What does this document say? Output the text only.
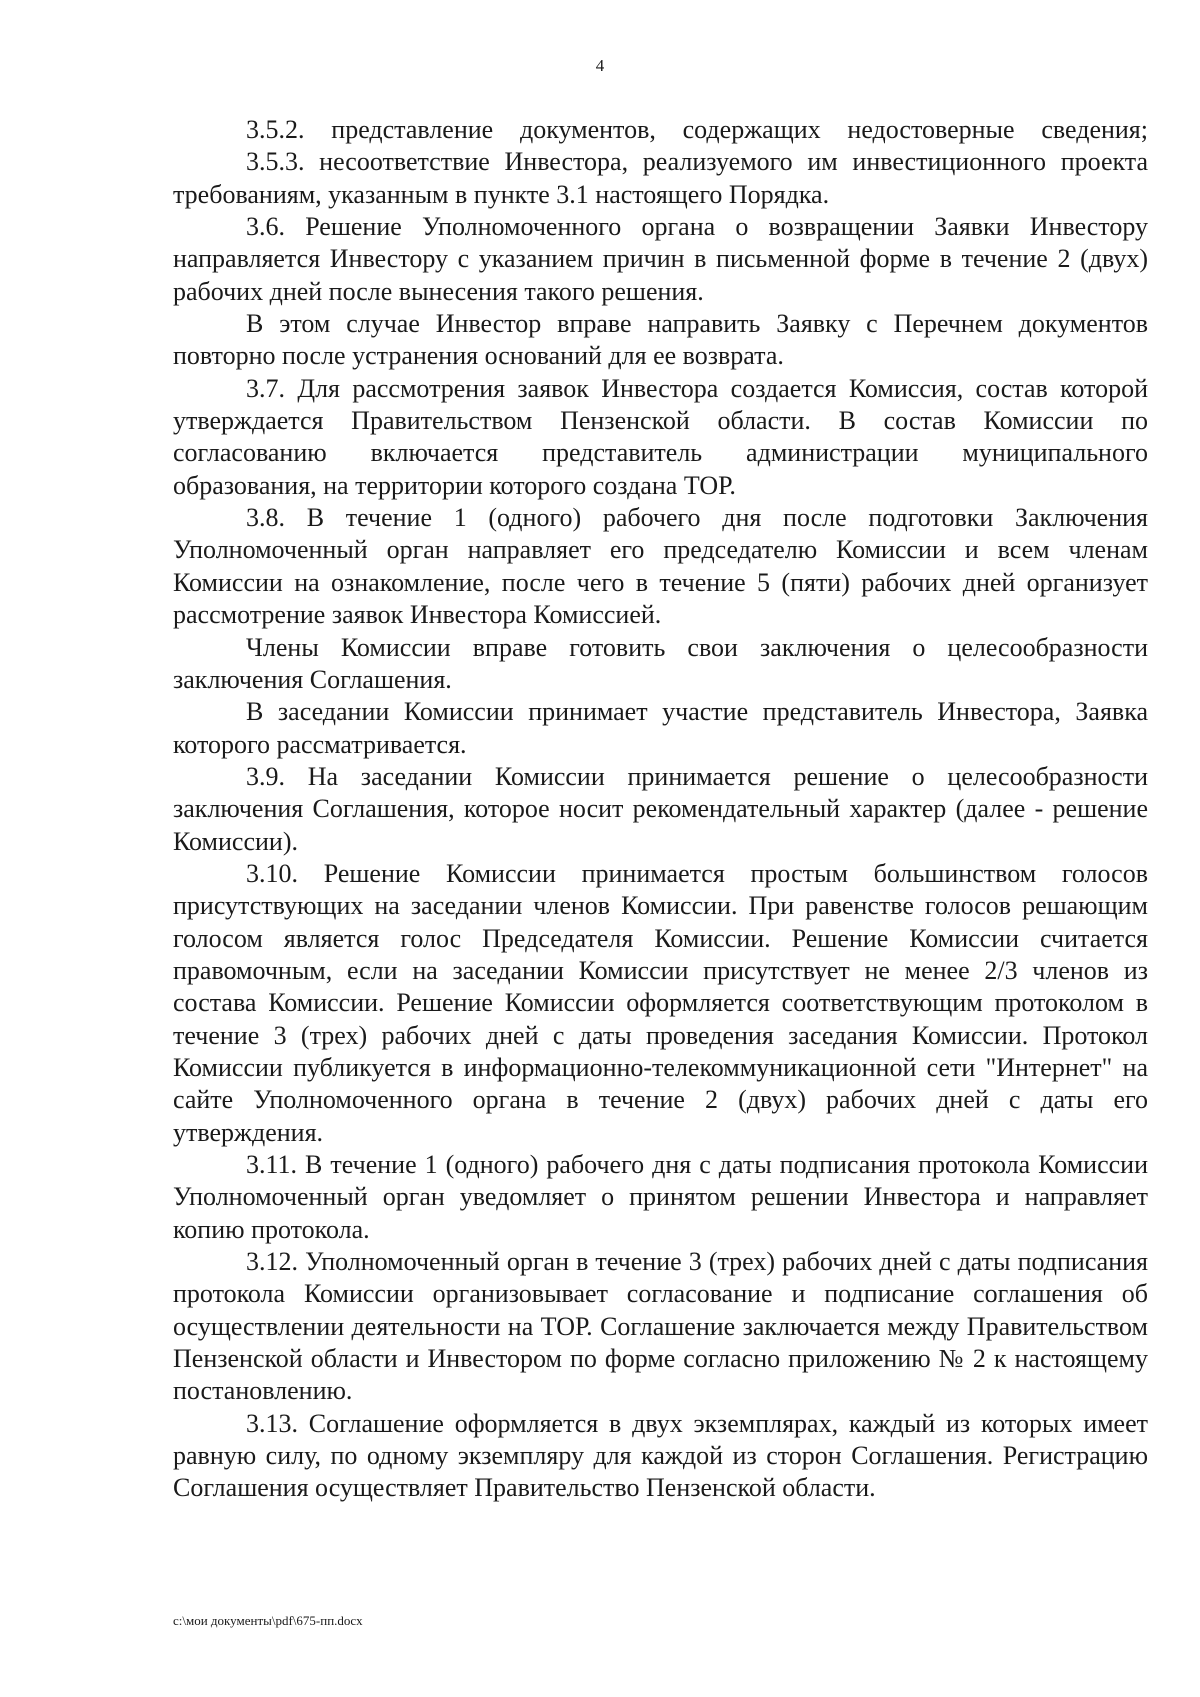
4

3.5.2. представление документов, содержащих недостоверные сведения;

3.5.3. несоответствие Инвестора, реализуемого им инвестиционного проекта требованиям, указанным в пункте 3.1 настоящего Порядка.

3.6. Решение Уполномоченного органа о возвращении Заявки Инвестору направляется Инвестору с указанием причин в письменной форме в течение 2 (двух) рабочих дней после вынесения такого решения.

В этом случае Инвестор вправе направить Заявку с Перечнем документов повторно после устранения оснований для ее возврата.

3.7. Для рассмотрения заявок Инвестора создается Комиссия, состав которой утверждается Правительством Пензенской области. В состав Комиссии по согласованию включается представитель администрации муниципального образования, на территории которого создана ТОР.

3.8. В течение 1 (одного) рабочего дня после подготовки Заключения Уполномоченный орган направляет его председателю Комиссии и всем членам Комиссии на ознакомление, после чего в течение 5 (пяти) рабочих дней организует рассмотрение заявок Инвестора Комиссией.

Члены Комиссии вправе готовить свои заключения о целесообразности заключения Соглашения.

В заседании Комиссии принимает участие представитель Инвестора, Заявка которого рассматривается.

3.9. На заседании Комиссии принимается решение о целесообразности заключения Соглашения, которое носит рекомендательный характер (далее - решение Комиссии).

3.10. Решение Комиссии принимается простым большинством голосов присутствующих на заседании членов Комиссии. При равенстве голосов решающим голосом является голос Председателя Комиссии. Решение Комиссии считается правомочным, если на заседании Комиссии присутствует не менее 2/3 членов из состава Комиссии. Решение Комиссии оформляется соответствующим протоколом в течение 3 (трех) рабочих дней с даты проведения заседания Комиссии. Протокол Комиссии публикуется в информационно-телекоммуникационной сети "Интернет" на сайте Уполномоченного органа в течение 2 (двух) рабочих дней с даты его утверждения.

3.11. В течение 1 (одного) рабочего дня с даты подписания протокола Комиссии Уполномоченный орган уведомляет о принятом решении Инвестора и направляет копию протокола.

3.12. Уполномоченный орган в течение 3 (трех) рабочих дней с даты подписания протокола Комиссии организовывает согласование и подписание соглашения об осуществлении деятельности на ТОР. Соглашение заключается между Правительством Пензенской области и Инвестором по форме согласно приложению № 2 к настоящему постановлению.

3.13. Соглашение оформляется в двух экземплярах, каждый из которых имеет равную силу, по одному экземпляру для каждой из сторон Соглашения. Регистрацию Соглашения осуществляет Правительство Пензенской области.

c:\мои документы\pdf\675-пп.docx
